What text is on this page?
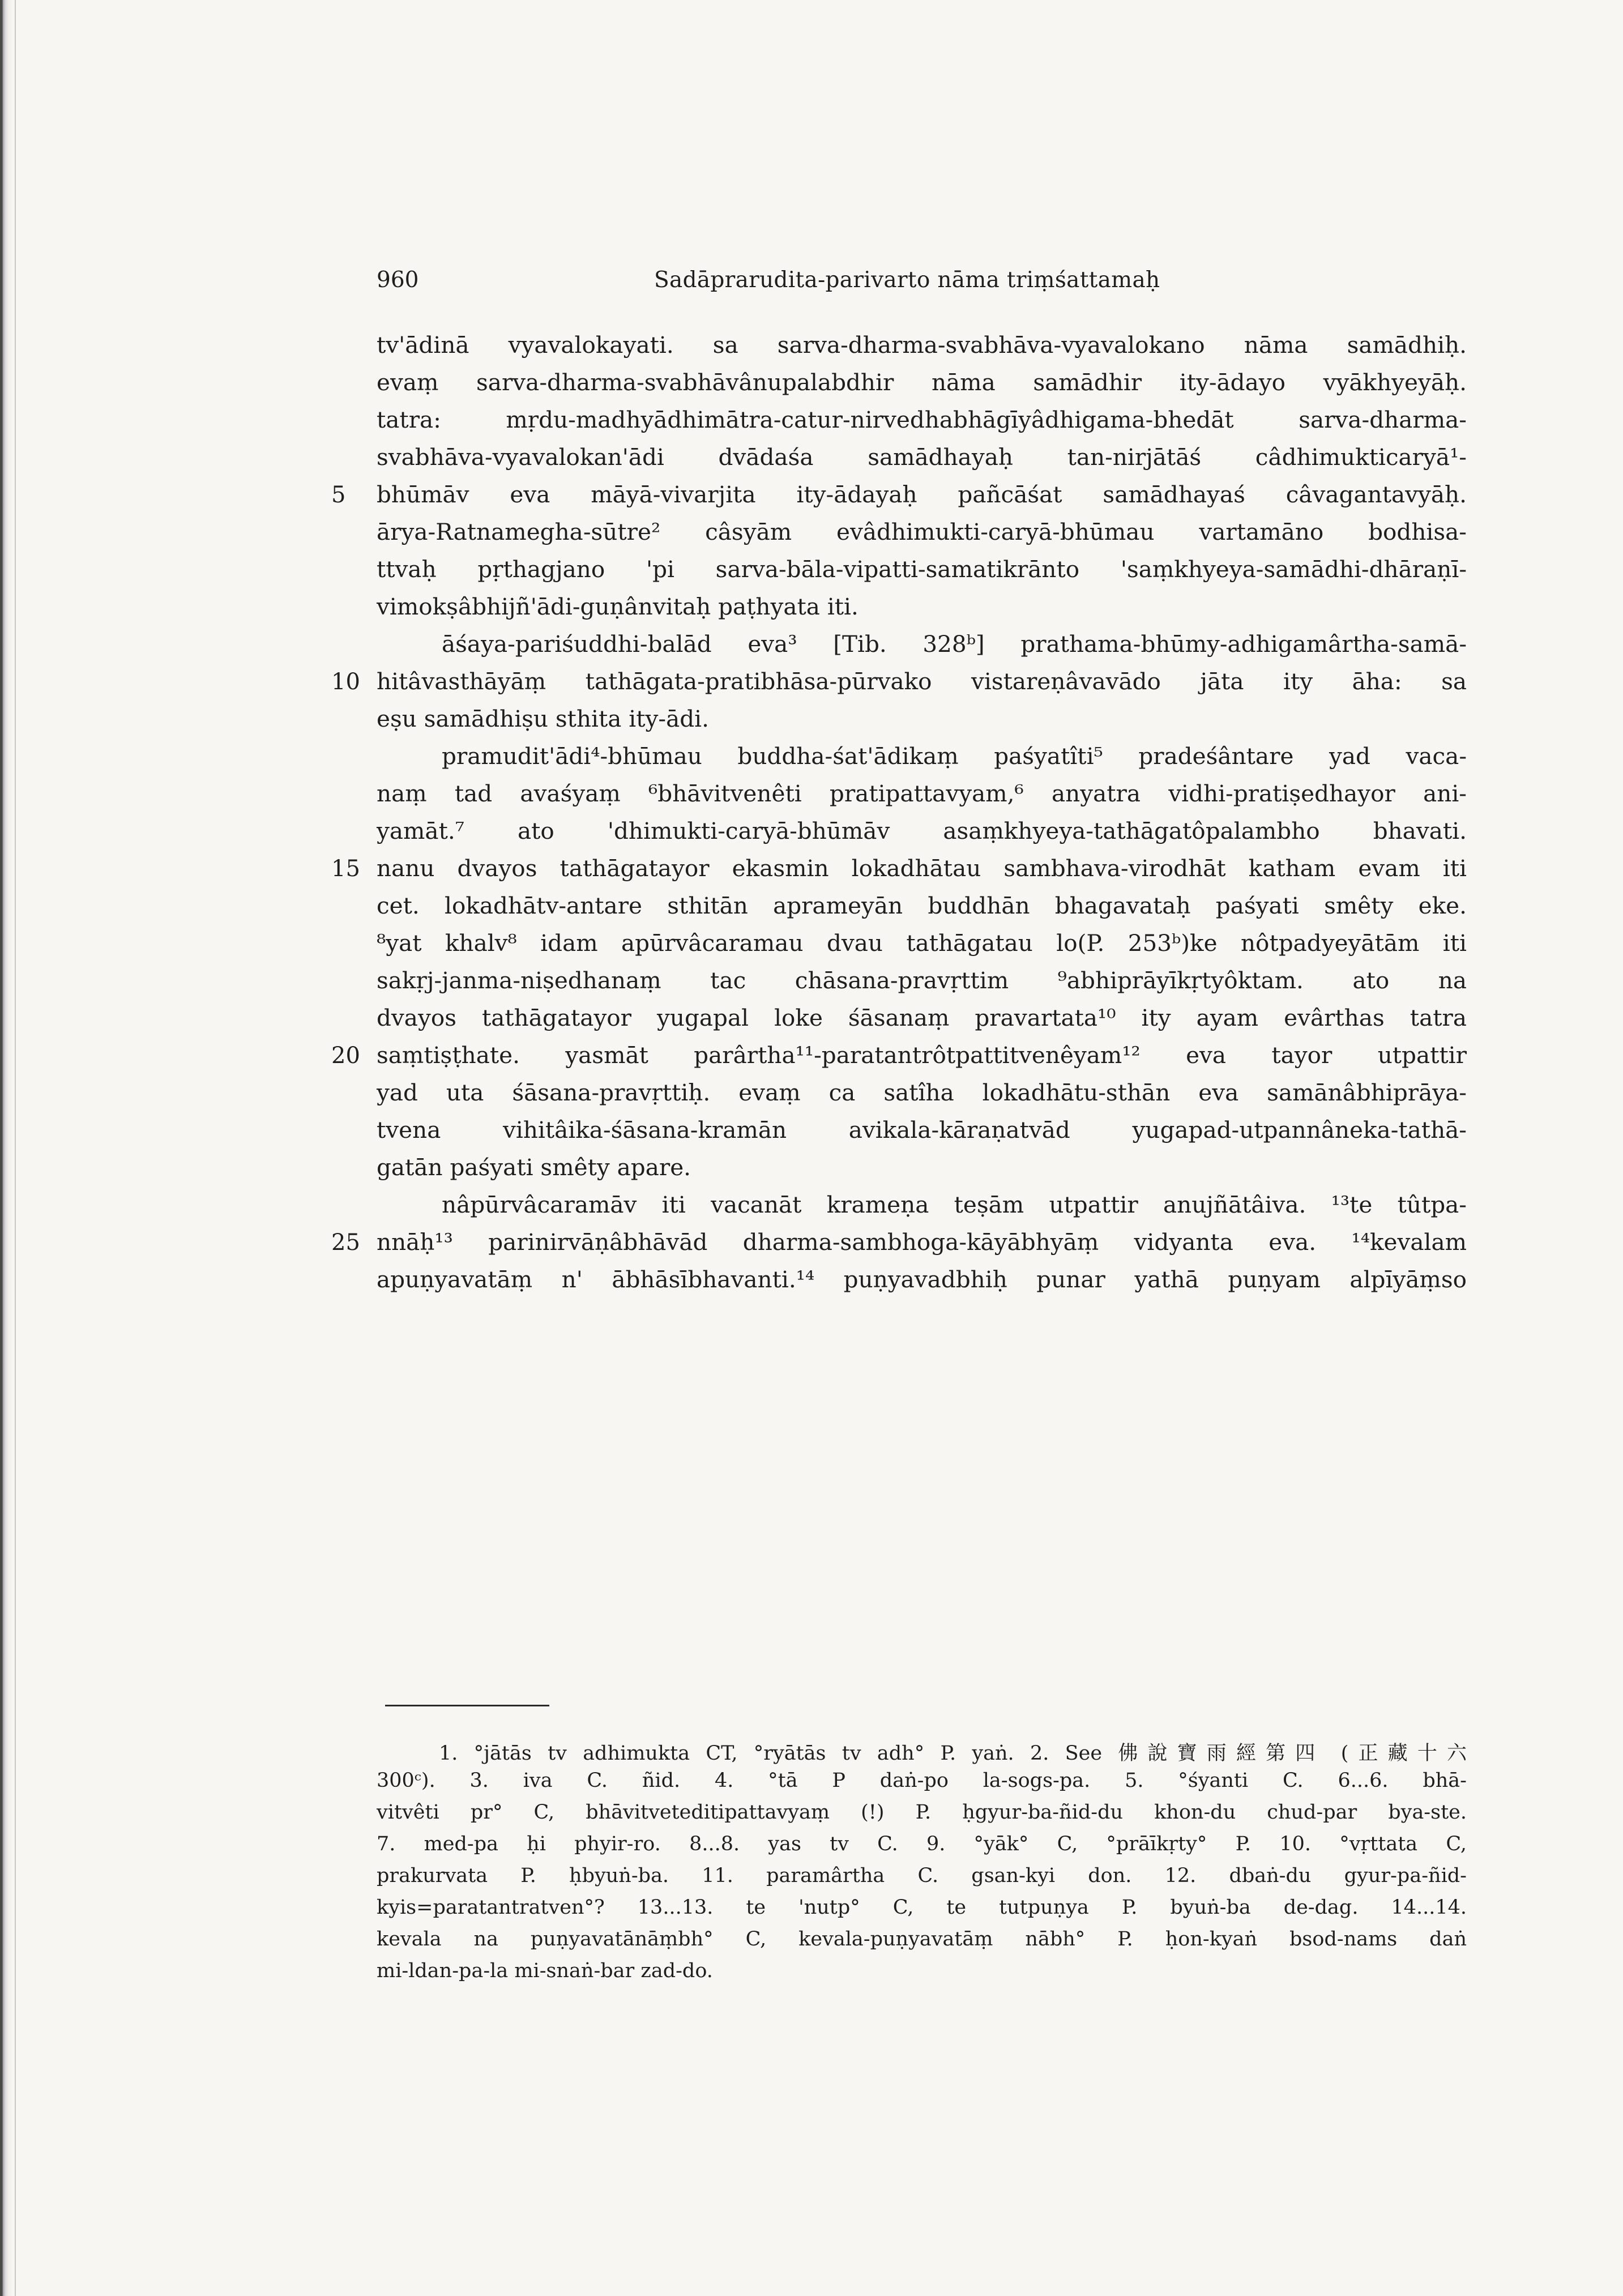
960	Sadāprarudita-parivarto nāma triṃśattamaḥ
tv'ādinā vyavalokayati. sa sarva-dharma-svabhāva-vyavalokano nāma samādhiḥ.
evaṃ sarva-dharma-svabhāvânupalabdhir nāma samādhir ity-ādayo vyākhyeyāḥ.
tatra: mṛdu-madhyādhimātra-catur-nirvedhabhāgīyâdhigama-bhedāt sarva-dharma-
svabhāva-vyavalokan'ādi dvādaśa samādhayaḥ tan-nirjātāś câdhimukticaryā¹-
bhūmāv eva māyā-vivarjita ity-ādayaḥ pañcāśat samādhayaś câvagantavyāḥ.
ārya-Ratnamegha-sūtre² câsyām evâdhimukti-caryā-bhūmau vartamāno bodhisa-
ttvaḥ pṛthagjano 'pi sarva-bāla-vipatti-samatikrānto 'saṃkhyeya-samādhi-dhāraṇī-
vimokṣâbhijñ'ādi-guṇânvitaḥ paṭhyata iti.
āśaya-pariśuddhi-balād eva³ [Tib. 328ᵇ] prathama-bhūmy-adhigamârtha-samā-
hitâvasthāyāṃ tathāgata-pratibhāsa-pūrvako vistareṇâvavādo jāta ity āha: sa
eṣu samādhiṣu sthita ity-ādi.
pramudit'ādi⁴-bhūmau buddha-śat'ādikaṃ paśyatîti⁵ pradeśântare yad vaca-
naṃ tad avaśyaṃ ⁶bhāvitvenêti pratipattavyam,⁶ anyatra vidhi-pratiṣedhayor ani-
yamāt.⁷ ato 'dhimukti-caryā-bhūmāv asaṃkhyeya-tathāgatôpalambho bhavati.
nanu dvayos tathāgatayor ekasmin lokadhātau sambhava-virodhāt katham evam iti
cet. lokadhātv-antare sthitān aprameyān buddhān bhagavataḥ paśyati smêty eke.
⁸yat khalv⁸ idam apūrvâcaramau dvau tathāgatau lo(P. 253ᵇ)ke nôtpadyeyātām iti
sakṛj-janma-niṣedhanaṃ tac chāsana-pravṛttim ⁹abhiprāyīkṛtyôktam. ato na
dvayos tathāgatayor yugapal loke śāsanaṃ pravartata¹⁰ ity ayam evârthas tatra
saṃtiṣṭhate. yasmāt parârtha¹¹-paratantrôtpattitvenêyam¹² eva tayor utpattir
yad uta śāsana-pravṛttiḥ. evaṃ ca satîha lokadhātu-sthān eva samānâbhiprāya-
tvena vihitâika-śāsana-kramān avikala-kāraṇatvād yugapad-utpannâneka-tathā-
gatān paśyati smêty apare.
nâpūrvâcaramāv iti vacanāt krameṇa teṣām utpattir anujñātâiva. ¹³te tûtpa-
nnāḥ¹³ parinirvāṇâbhāvād dharma-sambhoga-kāyābhyāṃ vidyanta eva. ¹⁴kevalam
apuṇyavatāṃ n' ābhāsībhavanti.¹⁴ puṇyavadbhiḥ punar yathā puṇyam alpīyāṃso
5
10
15
20
25
1. °jātās tv adhimukta CT, °ryātās tv adh° P. yaṅ. 2. See 佛說寶雨經第四 (正藏十六
300ᶜ). 3. iva C. ñid. 4. °tā P daṅ-po la-sogs-pa. 5. °śyanti C. 6...6. bhā-
vitvêti pr° C, bhāvitveteditipattavyaṃ (!) P. ḥgyur-ba-ñid-du khon-du chud-par bya-ste.
7. med-pa ḥi phyir-ro. 8...8. yas tv C. 9. °yāk° C, °prāīkṛty° P. 10. °vṛttata C,
prakurvata P. ḥbyuṅ-ba. 11. paramârtha C. gsan-kyi don. 12. dbaṅ-du gyur-pa-ñid-
kyis=paratantratven°? 13...13. te 'nutp° C, te tutpuṇya P. byuṅ-ba de-dag. 14...14.
kevala na puṇyavatānāṃbh° C, kevala-puṇyavatāṃ nābh° P. ḥon-kyaṅ bsod-nams daṅ
mi-ldan-pa-la mi-snaṅ-bar zad-do.
